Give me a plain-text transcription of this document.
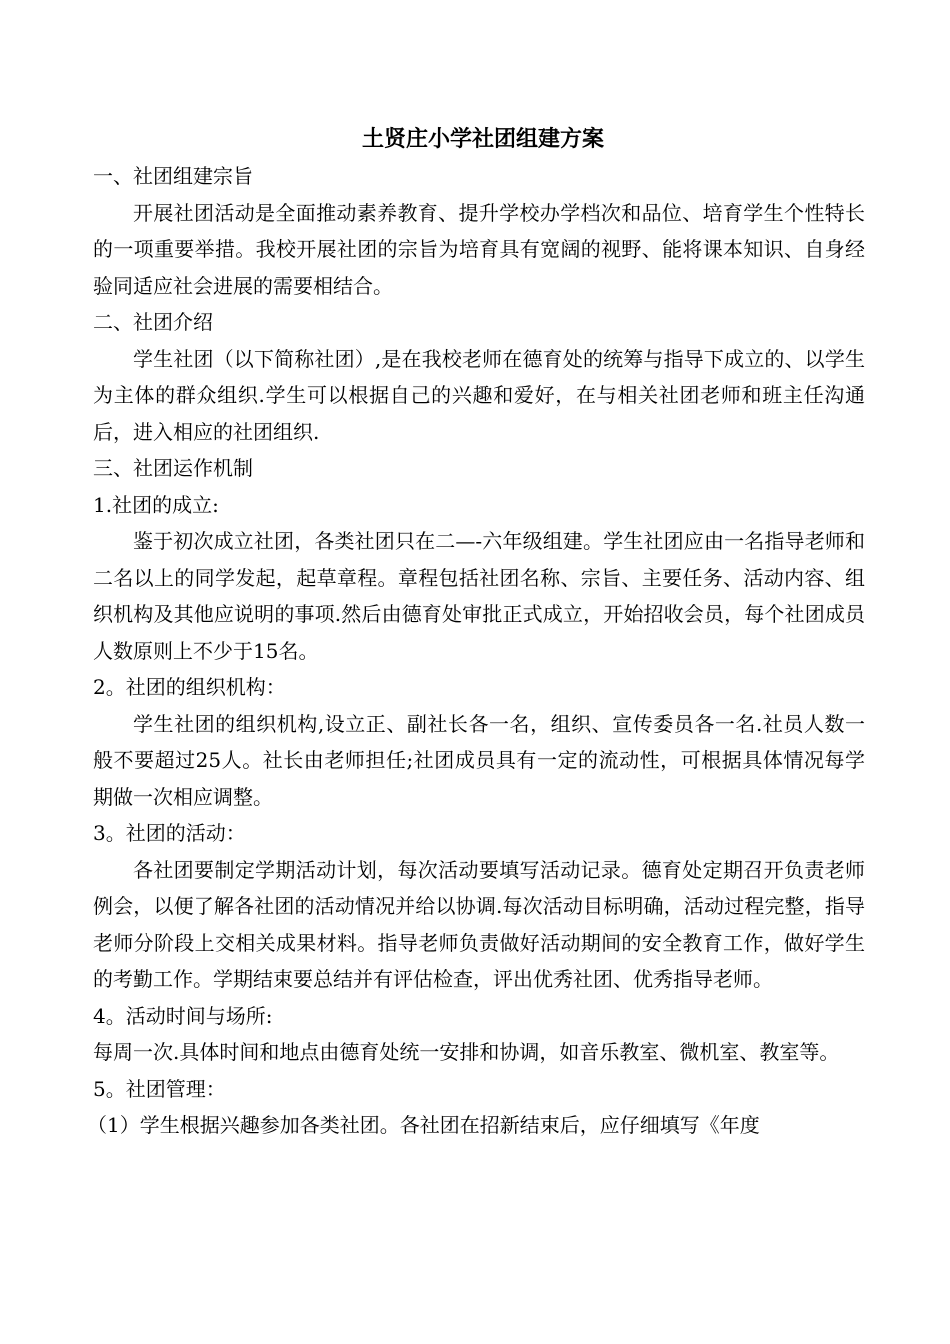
土贤庄小学社团组建方案

一、社团组建宗旨

开展社团活动是全面推动素养教育、提升学校办学档次和品位、培育学生个性特长的一项重要举措。我校开展社团的宗旨为培育具有宽阔的视野、能将课本知识、自身经验同适应社会进展的需要相结合。

二、社团介绍

学生社团（以下简称社团）,是在我校老师在德育处的统筹与指导下成立的、以学生为主体的群众组织.学生可以根据自己的兴趣和爱好，在与相关社团老师和班主任沟通后，进入相应的社团组织.

三、社团运作机制

1.社团的成立:

鉴于初次成立社团，各类社团只在二—-六年级组建。学生社团应由一名指导老师和二名以上的同学发起，起草章程。章程包括社团名称、宗旨、主要任务、活动内容、组织机构及其他应说明的事项.然后由德育处审批正式成立，开始招收会员，每个社团成员人数原则上不少于15名。

2。社团的组织机构：

学生社团的组织机构,设立正、副社长各一名，组织、宣传委员各一名.社员人数一般不要超过25人。社长由老师担任;社团成员具有一定的流动性，可根据具体情况每学期做一次相应调整。

3。社团的活动：

各社团要制定学期活动计划，每次活动要填写活动记录。德育处定期召开负责老师例会，以便了解各社团的活动情况并给以协调.每次活动目标明确，活动过程完整，指导老师分阶段上交相关成果材料。指导老师负责做好活动期间的安全教育工作，做好学生的考勤工作。学期结束要总结并有评估检查，评出优秀社团、优秀指导老师。

4。活动时间与场所:

每周一次.具体时间和地点由德育处统一安排和协调，如音乐教室、微机室、教室等。

5。社团管理：

（1）学生根据兴趣参加各类社团。各社团在招新结束后，应仔细填写《年度
